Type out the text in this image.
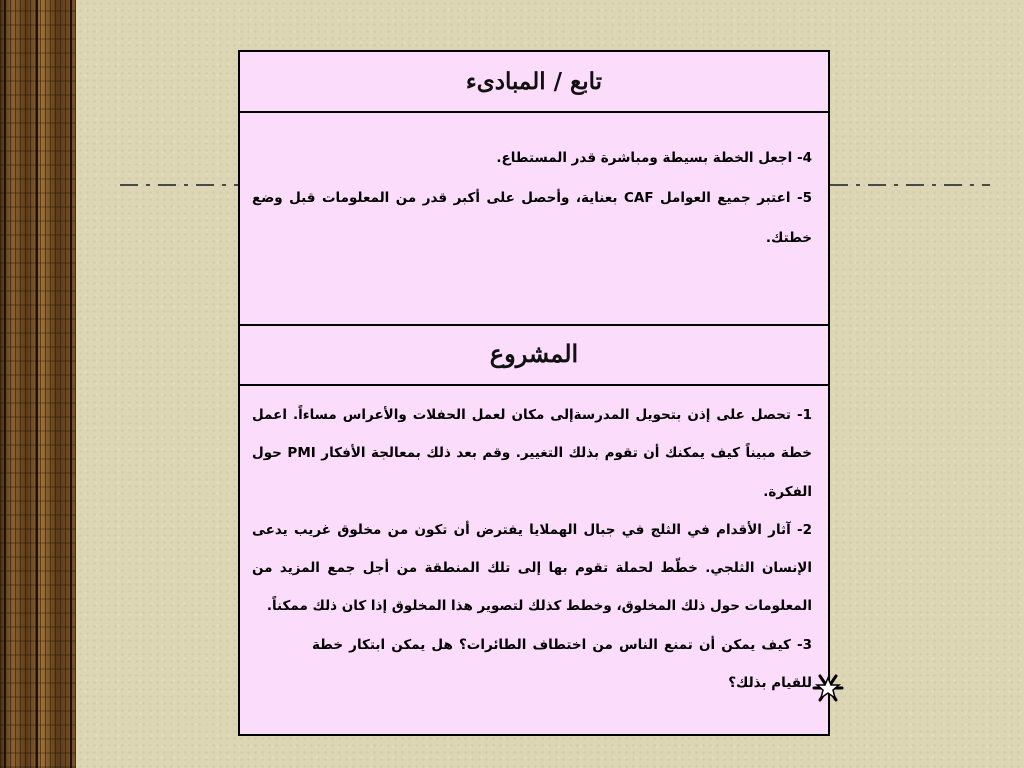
تابع / المبادىء

4- اجعل الخطة بسيطة ومباشرة قدر المستطاع.

5- اعتبر جميع العوامل CAF بعناية، وأحصل على أكبر قدر من المعلومات قبل وضع خطتك.

المشروع

1- تحصل على إذن بتحويل المدرسةإلى مكان لعمل الحفلات والأعراس مساءاً. اعمل خطة مبيناً كيف يمكنك أن تقوم بذلك التغيير. وقم بعد ذلك بمعالجة الأفكار PMI حول الفكرة.

2- آثار الأقدام في الثلج في جبال الهملايا يفترض أن تكون من مخلوق غريب يدعى الإنسان الثلجي. خطّط لحملة تقوم بها إلى تلك المنطقة من أجل جمع المزيد من المعلومات حول ذلك المخلوق، وخطط كذلك لتصوير هذا المخلوق إذا كان ذلك ممكناً.

3- كيف يمكن أن تمنع الناس من اختطاف الطائرات؟ هل يمكن ابتكار خطة للقيام بذلك؟
